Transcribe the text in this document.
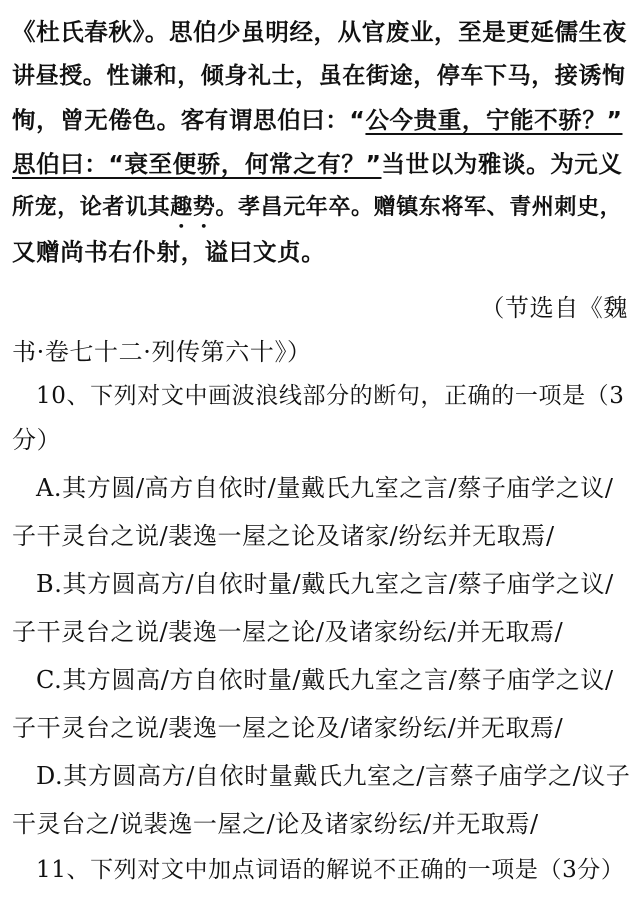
《杜氏春秋》。思伯少虽明经，从官废业，至是更延儒生夜
讲昼授。性谦和，倾身礼士，虽在街途，停车下马，接诱恂
恂，曾无倦色。客有谓思伯曰：“公今贵重，宁能不骄？”
思伯曰：“衰至便骄，何常之有？”当世以为雅谈。为元义
所宠，论者讥其趣势。孝昌元年卒。赠镇东将军、青州刺史，
又赠尚书右仆射，谥曰文贞。
（节选自《魏
书·卷七十二·列传第六十》）
10、下列对文中画波浪线部分的断句，正确的一项是（3
分）
A.其方圆/高方自依时/量戴氏九室之言/蔡子庙学之议/
子干灵台之说/裴逸一屋之论及诸家/纷纭并无取焉/
B.其方圆高方/自依时量/戴氏九室之言/蔡子庙学之议/
子干灵台之说/裴逸一屋之论/及诸家纷纭/并无取焉/
C.其方圆高/方自依时量/戴氏九室之言/蔡子庙学之议/
子干灵台之说/裴逸一屋之论及/诸家纷纭/并无取焉/
D.其方圆高方/自依时量戴氏九室之/言蔡子庙学之/议子
干灵台之/说裴逸一屋之/论及诸家纷纭/并无取焉/
11、下列对文中加点词语的解说不正确的一项是（3分）
